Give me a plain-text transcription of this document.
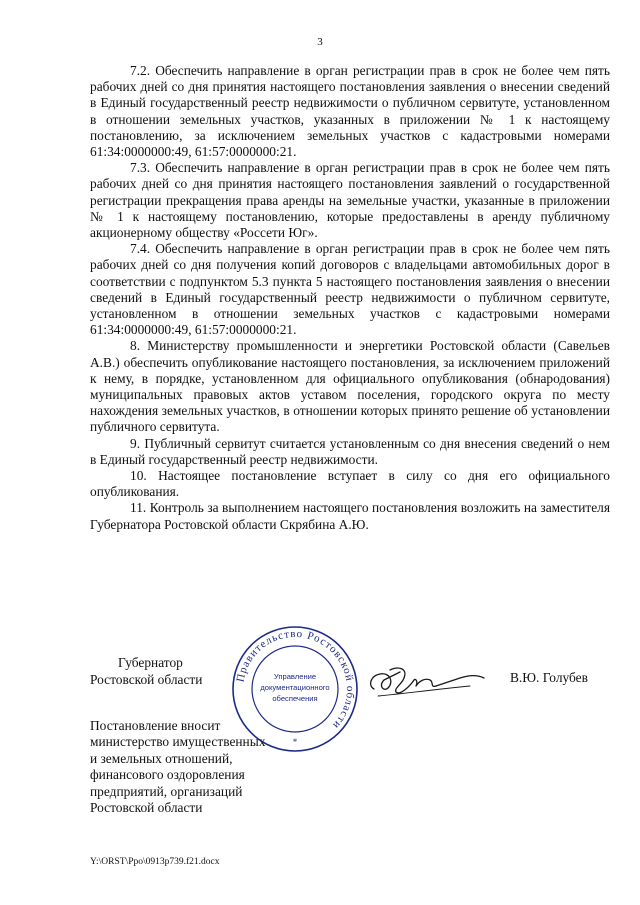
3

7.2. Обеспечить направление в орган регистрации прав в срок не более чем пять рабочих дней со дня принятия настоящего постановления заявления о внесении сведений в Единый государственный реестр недвижимости о публичном сервитуте, установленном в отношении земельных участков, указанных в приложении № 1 к настоящему постановлению, за исключением земельных участков с кадастровыми номерами 61:34:0000000:49, 61:57:0000000:21.

7.3. Обеспечить направление в орган регистрации прав в срок не более чем пять рабочих дней со дня принятия настоящего постановления заявлений о государственной регистрации прекращения права аренды на земельные участки, указанные в приложении № 1 к настоящему постановлению, которые предоставлены в аренду публичному акционерному обществу «Россети Юг».

7.4. Обеспечить направление в орган регистрации прав в срок не более чем пять рабочих дней со дня получения копий договоров с владельцами автомобильных дорог в соответствии с подпунктом 5.3 пункта 5 настоящего постановления заявления о внесении сведений в Единый государственный реестр недвижимости о публичном сервитуте, установленном в отношении земельных участков с кадастровыми номерами 61:34:0000000:49, 61:57:0000000:21.

8. Министерству промышленности и энергетики Ростовской области (Савельев А.В.) обеспечить опубликование настоящего постановления, за исключением приложений к нему, в порядке, установленном для официального опубликования (обнародования) муниципальных правовых актов уставом поселения, городского округа по месту нахождения земельных участков, в отношении которых принято решение об установлении публичного сервитута.

9. Публичный сервитут считается установленным со дня внесения сведений о нем в Единый государственный реестр недвижимости.

10. Настоящее постановление вступает в силу со дня его официального опубликования.

11. Контроль за выполнением настоящего постановления возложить на заместителя Губернатора Ростовской области Скрябина А.Ю.

Губернатор
Ростовской области	Правительство Ростовской области
Управление
документационного
обеспечения
*
В.Ю. Голубев
Постановление вносит
министерство имущественных
и земельных отношений,
финансового оздоровления
предприятий, организаций
Ростовской области
Y:\ORST\Ppo\0913p739.f21.docx
